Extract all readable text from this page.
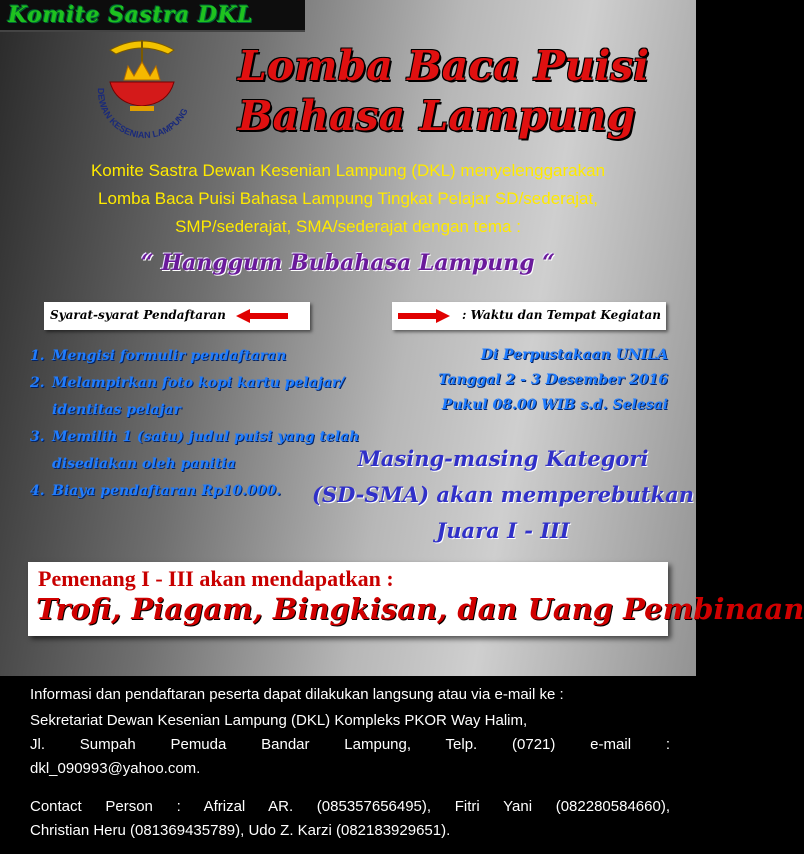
Komite Sastra DKL
DEWAN KESENIAN LAMPUNG
Lomba Baca Puisi
Bahasa Lampung
Komite Sastra Dewan Kesenian Lampung (DKL) menyelenggarakan
Lomba Baca Puisi Bahasa Lampung Tingkat Pelajar SD/sederajat,
SMP/sederajat, SMA/sederajat dengan tema :
“ Hanggum Bubahasa Lampung “
Syarat-syarat Pendaftaran	: Waktu dan Tempat Kegiatan
1. Mengisi formulir pendaftaran
2. Melampirkan foto kopi kartu pelajar/
identitas pelajar
3. Memilih 1 (satu) judul puisi yang telah
disediakan oleh panitia
4. Biaya pendaftaran Rp10.000.
Di Perpustakaan UNILA
Tanggal 2 - 3 Desember 2016
Pukul 08.00 WIB s.d. Selesai
Masing-masing Kategori
(SD-SMA) akan memperebutkan
Juara I - III
Pemenang I - III akan mendapatkan :
Trofi, Piagam, Bingkisan, dan Uang Pembinaan

Informasi dan pendaftaran peserta dapat dilakukan langsung atau via e-mail ke :

Sekretariat Dewan Kesenian Lampung (DKL) Kompleks PKOR Way Halim,

Jl. Sumpah Pemuda Bandar Lampung, Telp. (0721) e-mail :

dkl_090993@yahoo.com.

Contact Person : Afrizal AR. (085357656495), Fitri Yani (082280584660),

Christian Heru (081369435789), Udo Z. Karzi (082183929651).
